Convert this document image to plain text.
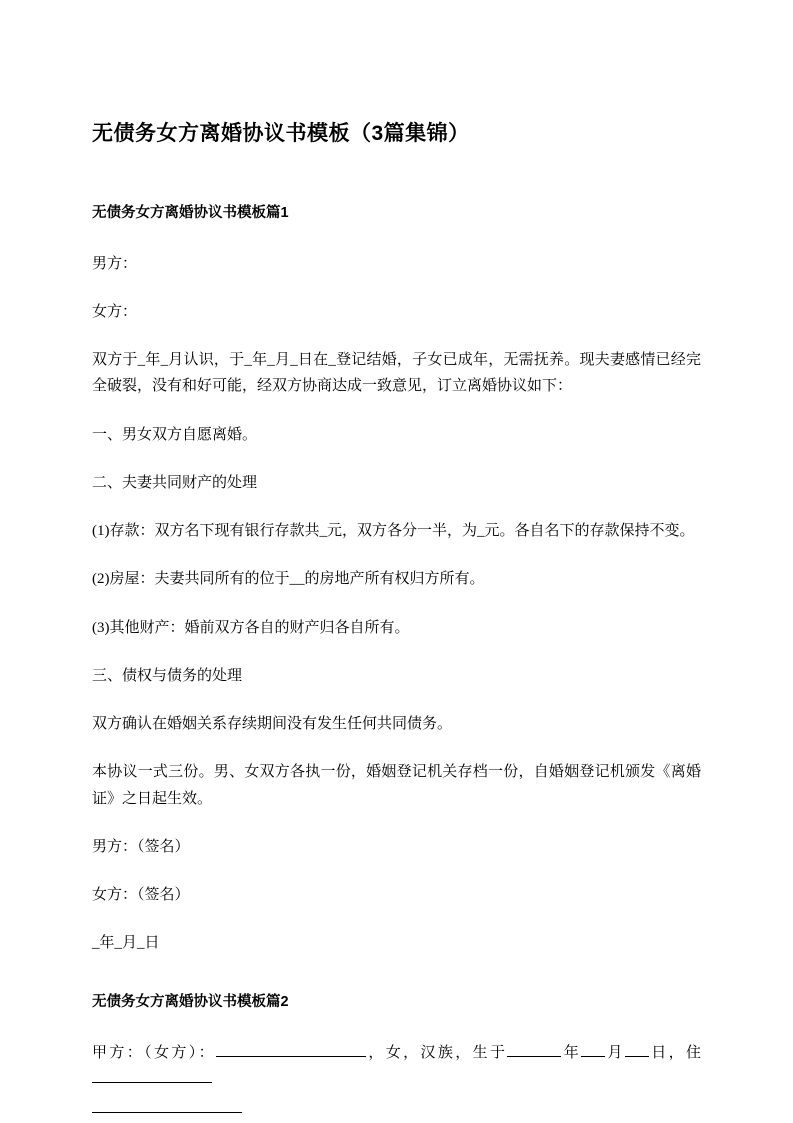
无债务女方离婚协议书模板（3篇集锦）
无债务女方离婚协议书模板篇1

男方：

女方：

双方于_年_月认识，于_年_月_日在_登记结婚，子女已成年，无需抚养。现夫妻感情已经完全破裂，没有和好可能，经双方协商达成一致意见，订立离婚协议如下：

一、男女双方自愿离婚。

二、夫妻共同财产的处理

(1)存款：双方名下现有银行存款共_元，双方各分一半，为_元。各自名下的存款保持不变。

(2)房屋：夫妻共同所有的位于__的房地产所有权归方所有。

(3)其他财产：婚前双方各自的财产归各自所有。

三、债权与债务的处理

双方确认在婚姻关系存续期间没有发生任何共同债务。

本协议一式三份。男、女双方各执一份，婚姻登记机关存档一份，自婚姻登记机颁发《离婚证》之日起生效。

男方：（签名）

女方：（签名）

_年_月_日

无债务女方离婚协议书模板篇2

甲方：（女方）：	，女，汉族，生于	年 月 日，住
